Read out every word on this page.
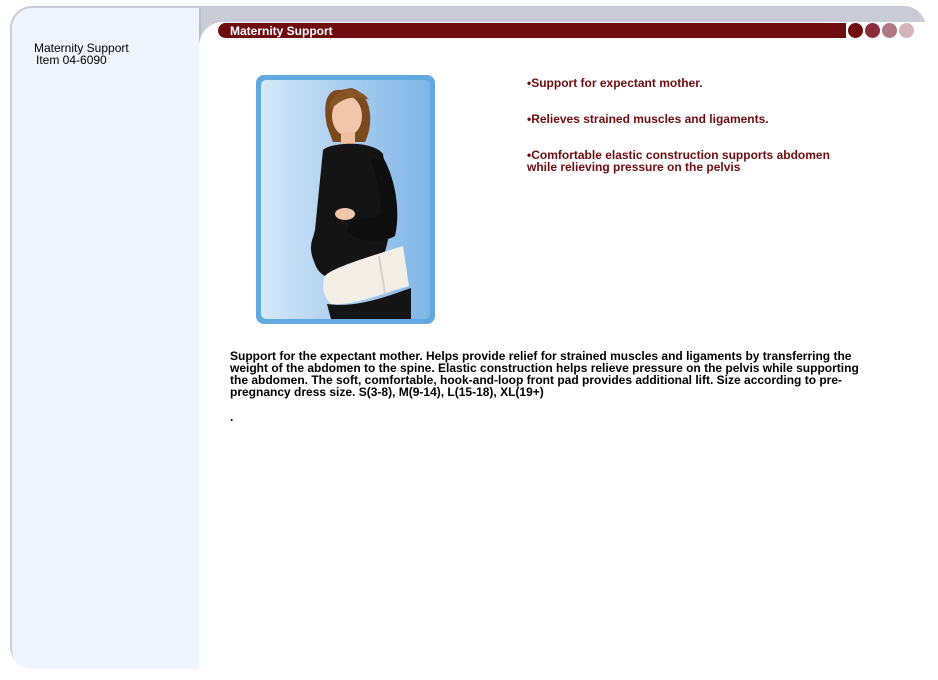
Maternity Support
Item 04-6090
Maternity Support

•Support for expectant mother.

•Relieves strained muscles and ligaments.

•Comfortable elastic construction supports abdomen while relieving pressure on the pelvis

Support for the expectant mother. Helps provide relief for strained muscles and ligaments by transferring the weight of the abdomen to the spine. Elastic construction helps relieve pressure on the pelvis while supporting the abdomen. The soft, comfortable, hook-and-loop front pad provides additional lift. Size according to pre-pregnancy dress size. S(3-8), M(9-14), L(15-18), XL(19+)
.
